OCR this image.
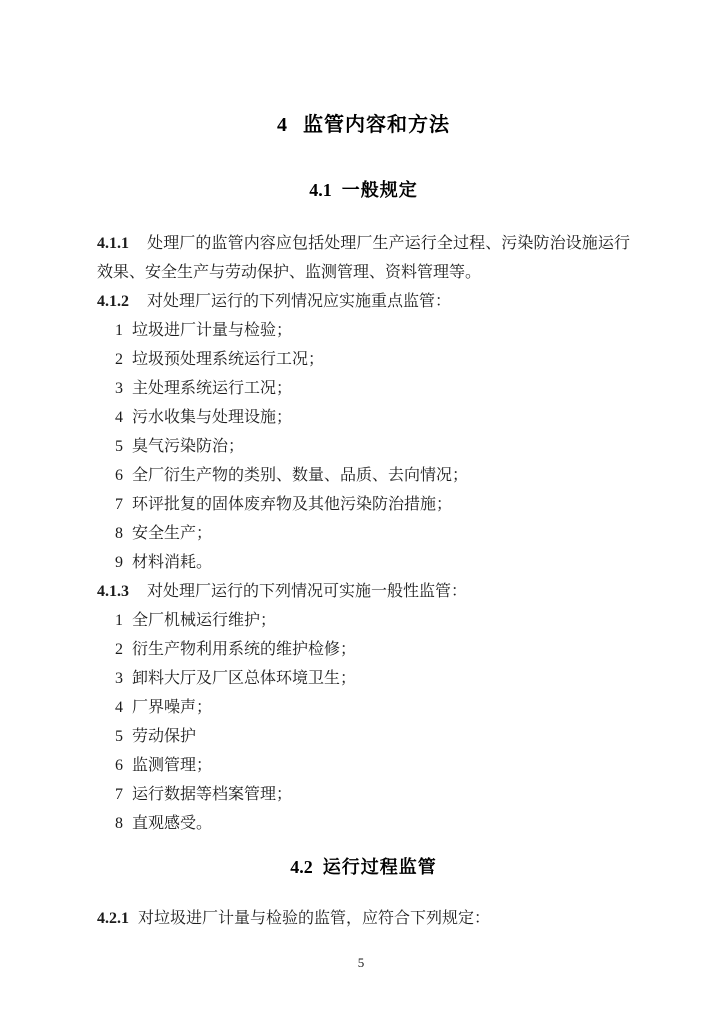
4 监管内容和方法
4.1 一般规定

4.1.1 处理厂的监管内容应包括处理厂生产运行全过程、污染防治设施运行效果、安全生产与劳动保护、监测管理、资料管理等。

4.1.2 对处理厂运行的下列情况应实施重点监管：

1 垃圾进厂计量与检验；
2 垃圾预处理系统运行工况；
3 主处理系统运行工况；
4 污水收集与处理设施；
5 臭气污染防治；
6 全厂衍生产物的类别、数量、品质、去向情况；
7 环评批复的固体废弃物及其他污染防治措施；
8 安全生产；
9 材料消耗。

4.1.3 对处理厂运行的下列情况可实施一般性监管：

1 全厂机械运行维护；
2 衍生产物利用系统的维护检修；
3 卸料大厅及厂区总体环境卫生；
4 厂界噪声；
5 劳动保护
6 监测管理；
7 运行数据等档案管理；
8 直观感受。
4.2 运行过程监管

4.2.1 对垃圾进厂计量与检验的监管，应符合下列规定：

5
